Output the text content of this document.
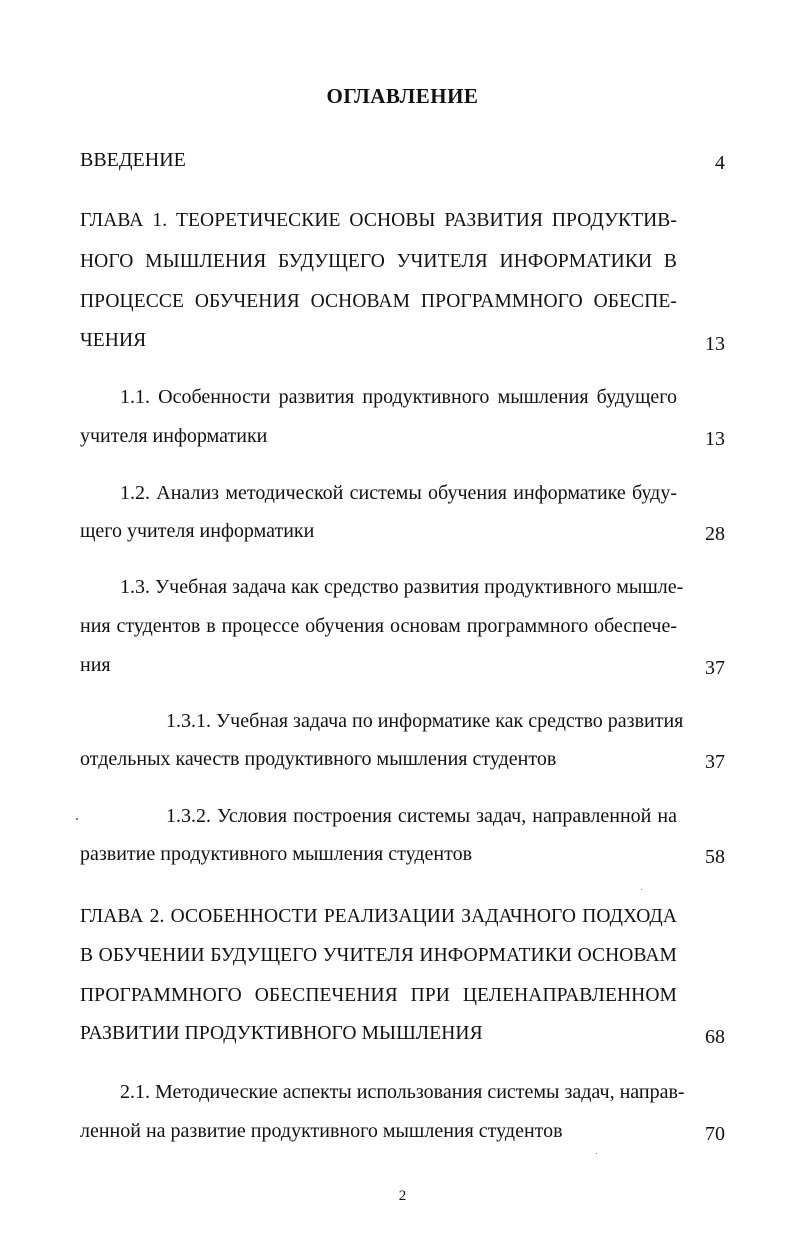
ОГЛАВЛЕНИЕ
ВВЕДЕНИЕ	4
ГЛАВА 1. ТЕОРЕТИЧЕСКИЕ ОСНОВЫ РАЗВИТИЯ ПРОДУКТИВ-
НОГО МЫШЛЕНИЯ БУДУЩЕГО УЧИТЕЛЯ ИНФОРМАТИКИ В
ПРОЦЕССЕ ОБУЧЕНИЯ ОСНОВАМ ПРОГРАММНОГО ОБЕСПЕ-
ЧЕНИЯ	13
1.1. Особенности развития продуктивного мышления будущего
учителя информатики	13
1.2. Анализ методической системы обучения информатике буду-
щего учителя информатики	28
1.3. Учебная задача как средство развития продуктивного мышле-
ния студентов в процессе обучения основам программного обеспече-
ния	37
1.3.1. Учебная задача по информатике как средство развития
отдельных качеств продуктивного мышления студентов	37
1.3.2. Условия построения системы задач, направленной на
развитие продуктивного мышления студентов	58
ГЛАВА 2. ОСОБЕННОСТИ РЕАЛИЗАЦИИ ЗАДАЧНОГО ПОДХОДА
В ОБУЧЕНИИ БУДУЩЕГО УЧИТЕЛЯ ИНФОРМАТИКИ ОСНОВАМ
ПРОГРАММНОГО ОБЕСПЕЧЕНИЯ ПРИ ЦЕЛЕНАПРАВЛЕННОМ
РАЗВИТИИ ПРОДУКТИВНОГО МЫШЛЕНИЯ	68
2.1. Методические аспекты использования системы задач, направ-
ленной на развитие продуктивного мышления студентов	70
2
